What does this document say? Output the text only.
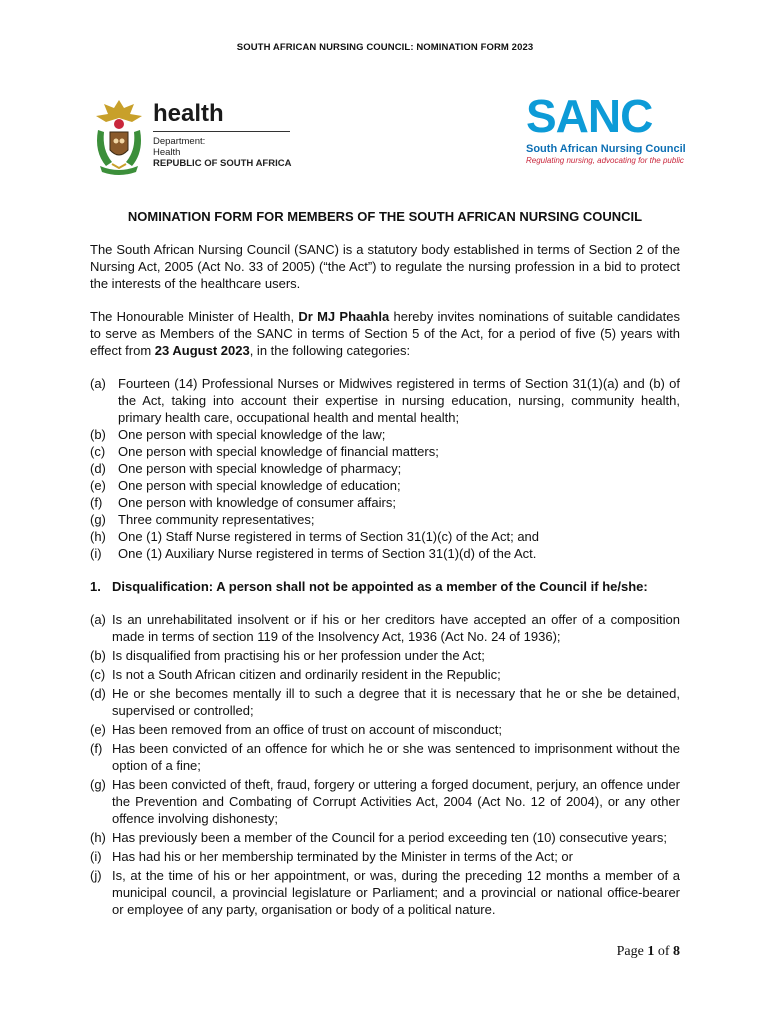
SOUTH AFRICAN NURSING COUNCIL: NOMINATION FORM 2023
health
Department:
Health
REPUBLIC OF SOUTH AFRICA
SANC
South African Nursing Council
Regulating nursing, advocating for the public
NOMINATION FORM FOR MEMBERS OF THE SOUTH AFRICAN NURSING COUNCIL

The South African Nursing Council (SANC) is a statutory body established in terms of Section 2 of the Nursing Act, 2005 (Act No. 33 of 2005) (“the Act”) to regulate the nursing profession in a bid to protect the interests of the healthcare users.

The Honourable Minister of Health, Dr MJ Phaahla hereby invites nominations of suitable candidates to serve as Members of the SANC in terms of Section 5 of the Act, for a period of five (5) years with effect from 23 August 2023, in the following categories:

(a) Fourteen (14) Professional Nurses or Midwives registered in terms of Section 31(1)(a) and (b) of the Act, taking into account their expertise in nursing education, nursing, community health, primary health care, occupational health and mental health;
(b) One person with special knowledge of the law;
(c) One person with special knowledge of financial matters;
(d) One person with special knowledge of pharmacy;
(e) One person with special knowledge of education;
(f)	One person with knowledge of consumer affairs;
(g) Three community representatives;
(h) One (1) Staff Nurse registered in terms of Section 31(1)(c) of the Act; and
(i)	One (1) Auxiliary Nurse registered in terms of Section 31(1)(d) of the Act.
1. Disqualification: A person shall not be appointed as a member of the Council if he/she:
(a) Is an unrehabilitated insolvent or if his or her creditors have accepted an offer of a composition made in terms of section 119 of the Insolvency Act, 1936 (Act No. 24 of 1936);
(b) Is disqualified from practising his or her profession under the Act;
(c) Is not a South African citizen and ordinarily resident in the Republic;
(d) He or she becomes mentally ill to such a degree that it is necessary that he or she be detained, supervised or controlled;
(e) Has been removed from an office of trust on account of misconduct;
(f) Has been convicted of an offence for which he or she was sentenced to imprisonment without the option of a fine;
(g) Has been convicted of theft, fraud, forgery or uttering a forged document, perjury, an offence under the Prevention and Combating of Corrupt Activities Act, 2004 (Act No. 12 of 2004), or any other offence involving dishonesty;
(h) Has previously been a member of the Council for a period exceeding ten (10) consecutive years;
(i) Has had his or her membership terminated by the Minister in terms of the Act; or
(j) Is, at the time of his or her appointment, or was, during the preceding 12 months a member of a municipal council, a provincial legislature or Parliament; and a provincial or national office-bearer or employee of any party, organisation or body of a political nature.
Page 1 of 8
